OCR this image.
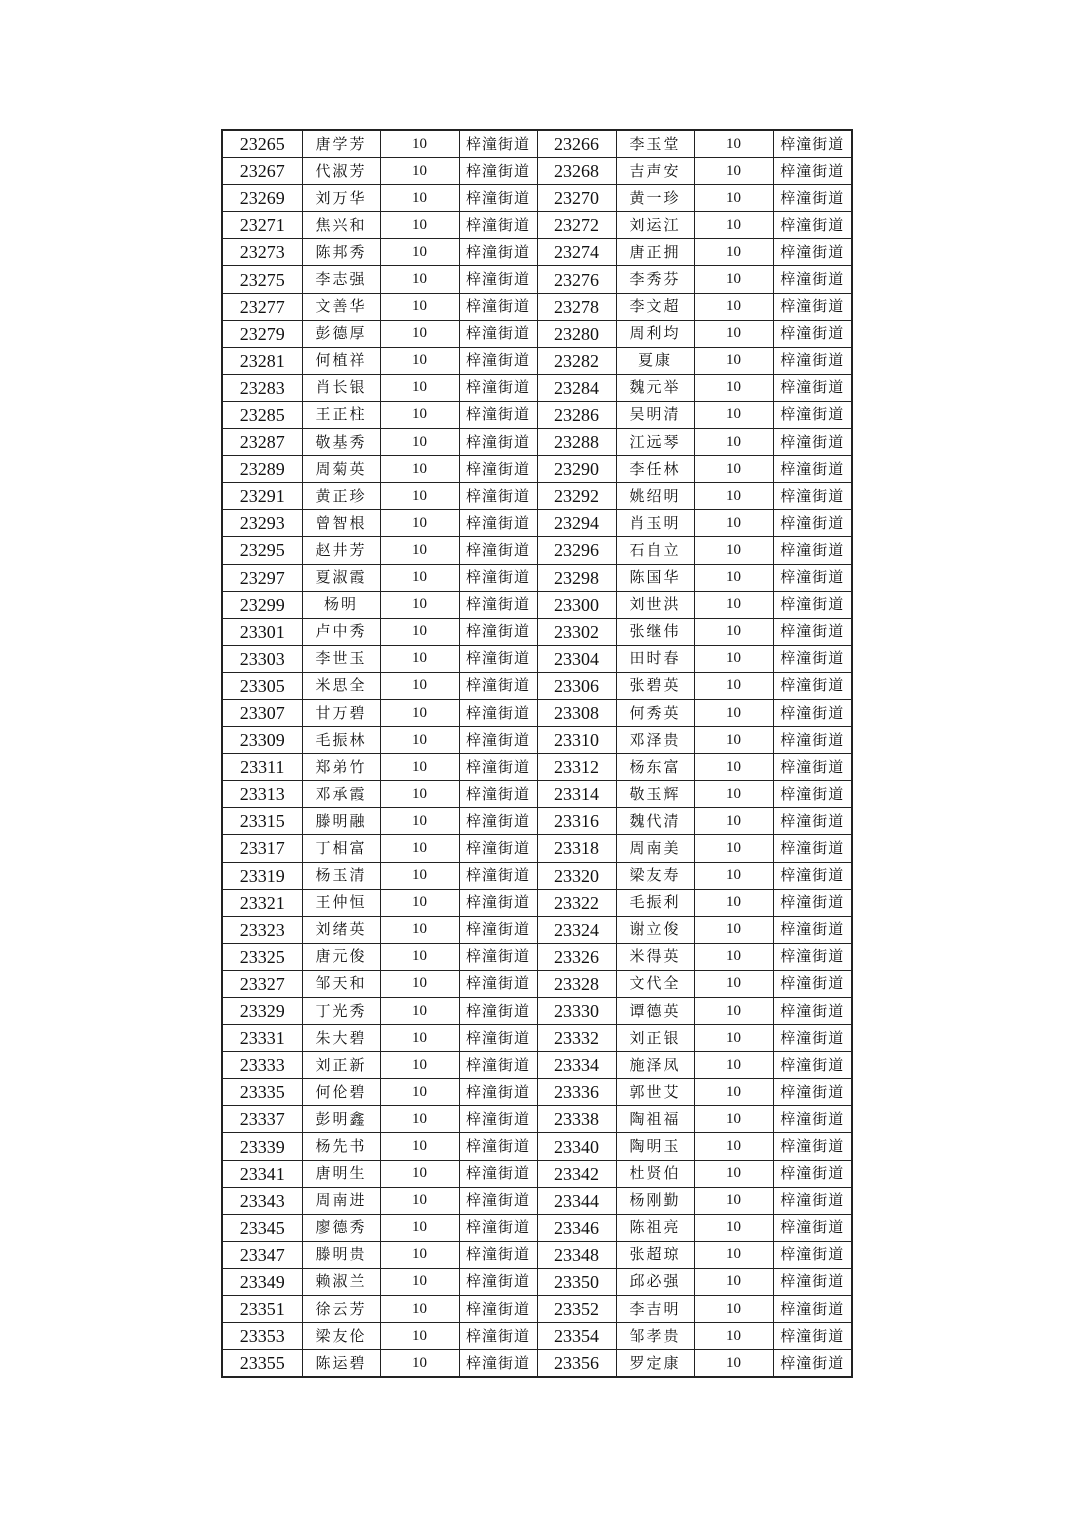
23265	唐学芳	10	梓潼街道	23266	李玉堂	10	梓潼街道
23267	代淑芳	10	梓潼街道	23268	吉声安	10	梓潼街道
23269	刘万华	10	梓潼街道	23270	黄一珍	10	梓潼街道
23271	焦兴和	10	梓潼街道	23272	刘运江	10	梓潼街道
23273	陈邦秀	10	梓潼街道	23274	唐正拥	10	梓潼街道
23275	李志强	10	梓潼街道	23276	李秀芬	10	梓潼街道
23277	文善华	10	梓潼街道	23278	李文超	10	梓潼街道
23279	彭德厚	10	梓潼街道	23280	周利均	10	梓潼街道
23281	何植祥	10	梓潼街道	23282	夏康	10	梓潼街道
23283	肖长银	10	梓潼街道	23284	魏元举	10	梓潼街道
23285	王正柱	10	梓潼街道	23286	吴明清	10	梓潼街道
23287	敬基秀	10	梓潼街道	23288	江远琴	10	梓潼街道
23289	周菊英	10	梓潼街道	23290	李任林	10	梓潼街道
23291	黄正珍	10	梓潼街道	23292	姚绍明	10	梓潼街道
23293	曾智根	10	梓潼街道	23294	肖玉明	10	梓潼街道
23295	赵井芳	10	梓潼街道	23296	石自立	10	梓潼街道
23297	夏淑霞	10	梓潼街道	23298	陈国华	10	梓潼街道
23299	杨明	10	梓潼街道	23300	刘世洪	10	梓潼街道
23301	卢中秀	10	梓潼街道	23302	张继伟	10	梓潼街道
23303	李世玉	10	梓潼街道	23304	田时春	10	梓潼街道
23305	米思全	10	梓潼街道	23306	张碧英	10	梓潼街道
23307	甘万碧	10	梓潼街道	23308	何秀英	10	梓潼街道
23309	毛振林	10	梓潼街道	23310	邓泽贵	10	梓潼街道
23311	郑弟竹	10	梓潼街道	23312	杨东富	10	梓潼街道
23313	邓承霞	10	梓潼街道	23314	敬玉辉	10	梓潼街道
23315	滕明融	10	梓潼街道	23316	魏代清	10	梓潼街道
23317	丁相富	10	梓潼街道	23318	周南美	10	梓潼街道
23319	杨玉清	10	梓潼街道	23320	梁友寿	10	梓潼街道
23321	王仲恒	10	梓潼街道	23322	毛振利	10	梓潼街道
23323	刘绪英	10	梓潼街道	23324	谢立俊	10	梓潼街道
23325	唐元俊	10	梓潼街道	23326	米得英	10	梓潼街道
23327	邹天和	10	梓潼街道	23328	文代全	10	梓潼街道
23329	丁光秀	10	梓潼街道	23330	谭德英	10	梓潼街道
23331	朱大碧	10	梓潼街道	23332	刘正银	10	梓潼街道
23333	刘正新	10	梓潼街道	23334	施泽凤	10	梓潼街道
23335	何伦碧	10	梓潼街道	23336	郭世艾	10	梓潼街道
23337	彭明鑫	10	梓潼街道	23338	陶祖福	10	梓潼街道
23339	杨先书	10	梓潼街道	23340	陶明玉	10	梓潼街道
23341	唐明生	10	梓潼街道	23342	杜贤伯	10	梓潼街道
23343	周南进	10	梓潼街道	23344	杨刚勤	10	梓潼街道
23345	廖德秀	10	梓潼街道	23346	陈祖亮	10	梓潼街道
23347	滕明贵	10	梓潼街道	23348	张超琼	10	梓潼街道
23349	赖淑兰	10	梓潼街道	23350	邱必强	10	梓潼街道
23351	徐云芳	10	梓潼街道	23352	李吉明	10	梓潼街道
23353	梁友伦	10	梓潼街道	23354	邹孝贵	10	梓潼街道
23355	陈运碧	10	梓潼街道	23356	罗定康	10	梓潼街道
